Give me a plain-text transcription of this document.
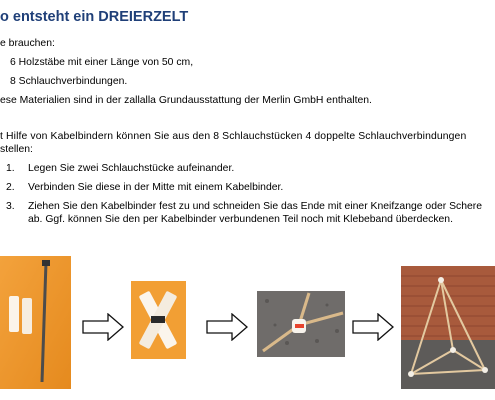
o entsteht ein DREIERZELT
e brauchen:
6 Holzstäbe mit einer Länge von 50 cm,
8 Schlauchverbindungen.
ese Materialien sind in der zallalla Grundausstattung der Merlin GmbH enthalten.
t Hilfe von Kabelbindern können Sie aus den 8 Schlauchstücken 4 doppelte Schlauchverbindungen
stellen:
1. Legen Sie zwei Schlauchstücke aufeinander.
2. Verbinden Sie diese in der Mitte mit einem Kabelbinder.
3. Ziehen Sie den Kabelbinder fest zu und schneiden Sie das Ende mit einer Kneifzange oder Schere
ab. Ggf. können Sie den per Kabelbinder verbundenen Teil noch mit Klebeband überdecken.
